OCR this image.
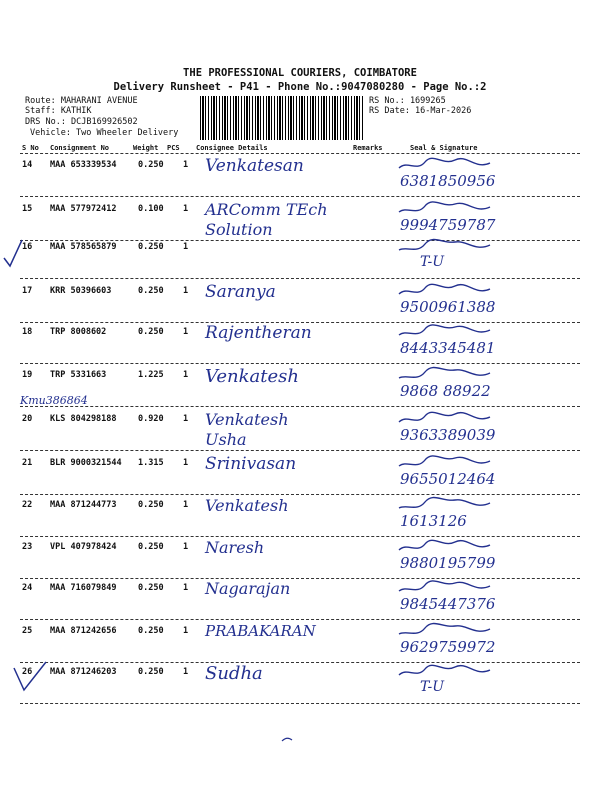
THE PROFESSIONAL COURIERS, COIMBATORE
Delivery Runsheet - P41 - Phone No.:9047080280 - Page No.:2
Route: MAHARANI AVENUE
Staff: KATHIK
DRS No.: DCJB169926502
Vehicle: Two Wheeler Delivery
RS No.: 1699265
RS Date: 16-Mar-2026
S No Consignment No	Weight PCS Consignee Details	Remarks	Seal & Signature
14 MAA 653339534	0.250 1 Venkatesan
6381850956
15 MAA 577972412	0.100 1 ARComm TEch
Solution	9994759787
16 MAA 578565879	0.250 1
T-U
17 KRR 50396603	0.250 1 Saranya
9500961388
18 TRP 8008602	0.250 1 Rajentheran
8443345481
19 TRP 5331663	1.225 1 Venkatesh
9868 88922
20 KLS 804298188	0.920 1 Venkatesh
Usha
Kmu386864
9363389039
21 BLR 9000321544 1.315 1 Srinivasan
9655012464
22 MAA 871244773	0.250 1 Venkatesh
1613126
23 VPL 407978424	0.250 1 Naresh
9880195799
24 MAA 716079849	0.250 1 Nagarajan
9845447376
25 MAA 871242656	0.250 1 PRABAKARAN
9629759972
26 MAA 871246203	0.250 1 Sudha
T-U
